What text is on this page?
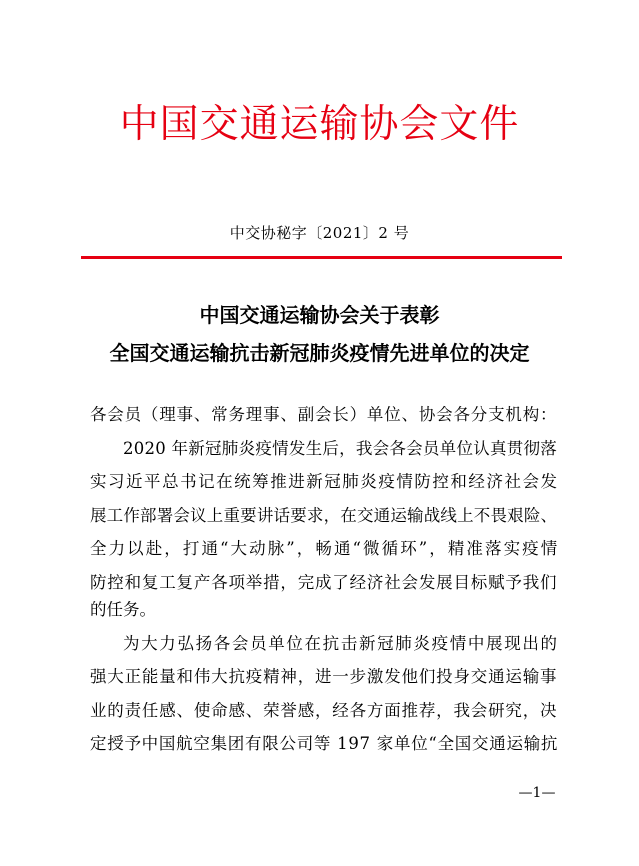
中国交通运输协会文件
中交协秘字〔2021〕2 号
中国交通运输协会关于表彰
全国交通运输抗击新冠肺炎疫情先进单位的决定
各会员（理事、常务理事、副会长）单位、协会各分支机构：
2020 年新冠肺炎疫情发生后，我会各会员单位认真贯彻落
实习近平总书记在统筹推进新冠肺炎疫情防控和经济社会发
展工作部署会议上重要讲话要求，在交通运输战线上不畏艰险、
全力以赴，打通“大动脉”，畅通“微循环”，精准落实疫情
防控和复工复产各项举措，完成了经济社会发展目标赋予我们
的任务。
为大力弘扬各会员单位在抗击新冠肺炎疫情中展现出的
强大正能量和伟大抗疫精神，进一步激发他们投身交通运输事
业的责任感、使命感、荣誉感，经各方面推荐，我会研究，决
定授予中国航空集团有限公司等 197 家单位“全国交通运输抗
—1—
